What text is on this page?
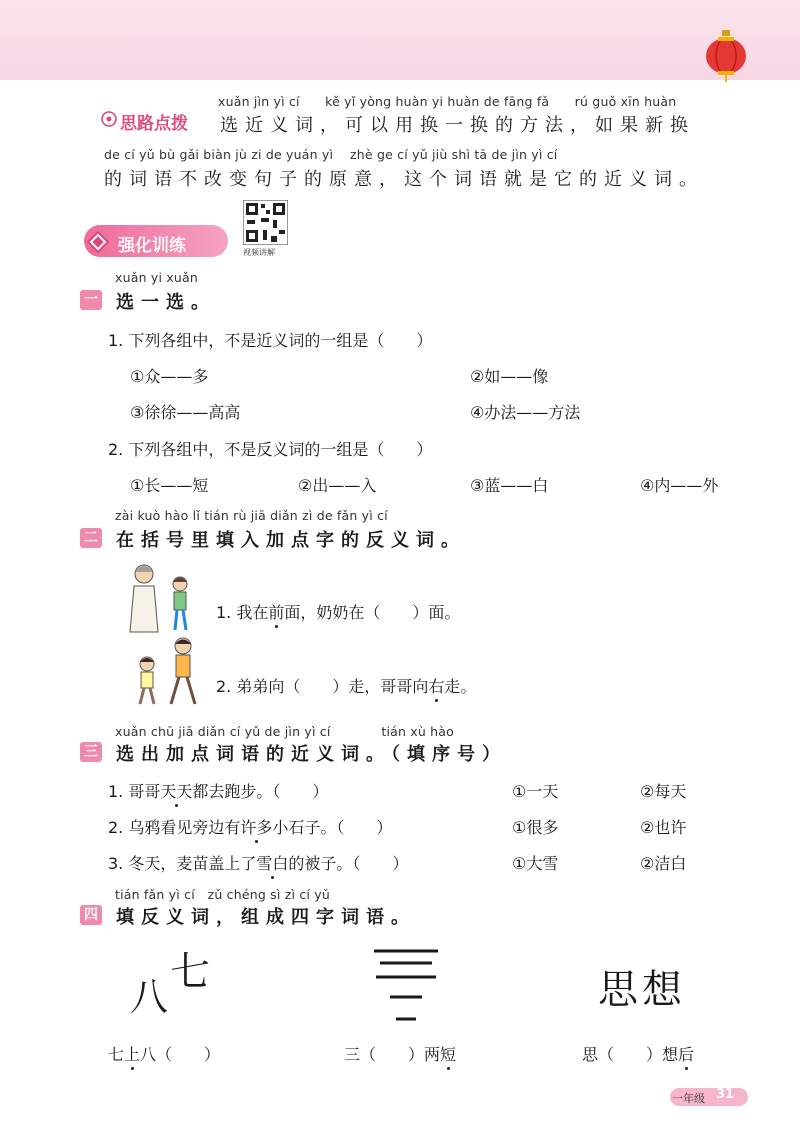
思路点拨
xuǎn jìn yì cí　　kě yǐ yòng huàn yi huàn de fāng fǎ　　rú guǒ xīn huàn
选近义词，可以用换一换的方法，如果新换
de cí yǔ bù gǎi biàn jù zi de yuán yì　 zhè ge cí yǔ jiù shì tā de jìn yì cí
的词语不改变句子的原意，这个词语就是它的近义词。
强化训练	视频讲解
xuǎn yi xuǎn
一 选一选。
1. 下列各组中，不是近义词的一组是（　　）
①众——多	②如——像
③徐徐——高高	④办法——方法
2. 下列各组中，不是反义词的一组是（　　）
①长——短	②出——入	③蓝——白	④内——外
zài kuò hào lǐ tián rù jiā diǎn zì de fǎn yì cí
二 在括号里填入加点字的反义词。
1. 我在前面，奶奶在（　　）面。
2. 弟弟向（　　）走，哥哥向右走。
xuǎn chū jiā diǎn cí yǔ de jìn yì cí　　　　tián xù hào
三 选出加点词语的近义词。（填序号）
1. 哥哥天天都去跑步。（　　）	①一天	②每天
2. 乌鸦看见旁边有许多小石子。（　　）	①很多	②也许
3. 冬天，麦苗盖上了雪白的被子。（　　）	①大雪	②洁白
tián fǎn yì cí　zǔ chéng sì zì cí yǔ
四 填反义词，组成四字词语。
八
七	思想
七上八（　　）	三（　　）两短	思（　　）想后
一年级 31
